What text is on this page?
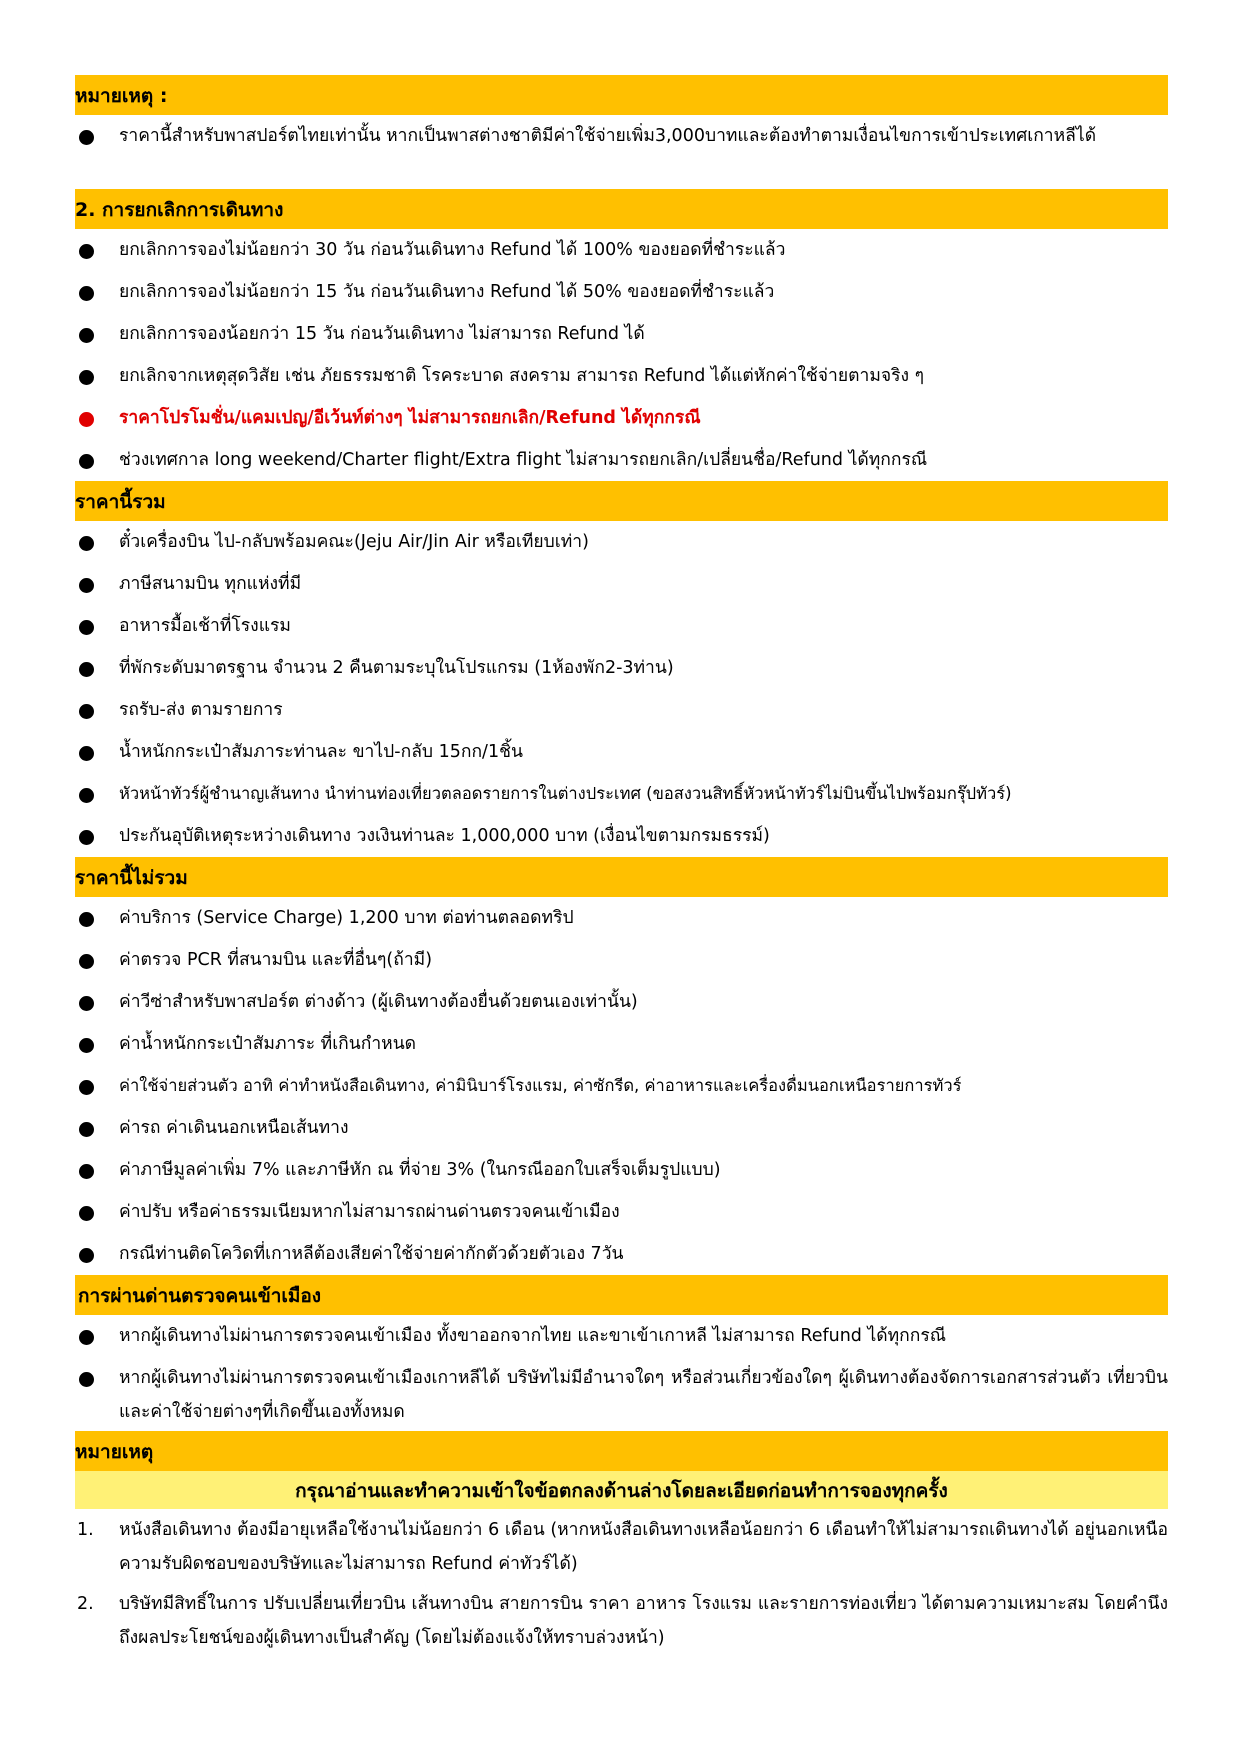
หมายเหตุ :
ราคานี้สำหรับพาสปอร์ตไทยเท่านั้น หากเป็นพาสต่างชาติมีค่าใช้จ่ายเพิ่ม3,000บาทและต้องทำตามเงื่อนไขการเข้าประเทศเกาหลีได้
2. การยกเลิกการเดินทาง
ยกเลิกการจองไม่น้อยกว่า 30 วัน ก่อนวันเดินทาง Refund ได้ 100% ของยอดที่ชำระแล้ว
ยกเลิกการจองไม่น้อยกว่า 15 วัน ก่อนวันเดินทาง Refund ได้ 50% ของยอดที่ชำระแล้ว
ยกเลิกการจองน้อยกว่า 15 วัน ก่อนวันเดินทาง ไม่สามารถ Refund ได้
ยกเลิกจากเหตุสุดวิสัย เช่น ภัยธรรมชาติ โรคระบาด สงคราม สามารถ Refund ได้แต่หักค่าใช้จ่ายตามจริง ๆ
ราคาโปรโมชั่น/แคมเปญ/อีเว้นท์ต่างๆ ไม่สามารถยกเลิก/Refund ได้ทุกกรณี
ช่วงเทศกาล long weekend/Charter flight/Extra flight ไม่สามารถยกเลิก/เปลี่ยนชื่อ/Refund ได้ทุกกรณี
ราคานี้รวม
ตั๋วเครื่องบิน ไป-กลับพร้อมคณะ(Jeju Air/Jin Air หรือเทียบเท่า)
ภาษีสนามบิน ทุกแห่งที่มี
อาหารมื้อเช้าที่โรงแรม
ที่พักระดับมาตรฐาน จำนวน 2 คืนตามระบุในโปรแกรม (1ห้องพัก2-3ท่าน)
รถรับ-ส่ง ตามรายการ
น้ำหนักกระเป๋าสัมภาระท่านละ ขาไป-กลับ 15กก/1ชิ้น
หัวหน้าทัวร์ผู้ชำนาญเส้นทาง นำท่านท่องเที่ยวตลอดรายการในต่างประเทศ (ขอสงวนสิทธิ์หัวหน้าทัวร์ไม่บินขึ้นไปพร้อมกรุ๊ปทัวร์)
ประกันอุบัติเหตุระหว่างเดินทาง วงเงินท่านละ 1,000,000 บาท (เงื่อนไขตามกรมธรรม์)
ราคานี้ไม่รวม
ค่าบริการ (Service Charge) 1,200 บาท ต่อท่านตลอดทริป
ค่าตรวจ PCR ที่สนามบิน และที่อื่นๆ(ถ้ามี)
ค่าวีซ่าสำหรับพาสปอร์ต ต่างด้าว (ผู้เดินทางต้องยื่นด้วยตนเองเท่านั้น)
ค่าน้ำหนักกระเป๋าสัมภาระ ที่เกินกำหนด
ค่าใช้จ่ายส่วนตัว อาทิ ค่าทำหนังสือเดินทาง, ค่ามินิบาร์โรงแรม, ค่าซักรีด, ค่าอาหารและเครื่องดื่มนอกเหนือรายการทัวร์
ค่ารถ ค่าเดินนอกเหนือเส้นทาง
ค่าภาษีมูลค่าเพิ่ม 7% และภาษีหัก ณ ที่จ่าย 3% (ในกรณีออกใบเสร็จเต็มรูปแบบ)
ค่าปรับ หรือค่าธรรมเนียมหากไม่สามารถผ่านด่านตรวจคนเข้าเมือง
กรณีท่านติดโควิดที่เกาหลีต้องเสียค่าใช้จ่ายค่ากักตัวด้วยตัวเอง 7วัน
การผ่านด่านตรวจคนเข้าเมือง
หากผู้เดินทางไม่ผ่านการตรวจคนเข้าเมือง ทั้งขาออกจากไทย และขาเข้าเกาหลี ไม่สามารถ Refund ได้ทุกกรณี
หากผู้เดินทางไม่ผ่านการตรวจคนเข้าเมืองเกาหลีได้ บริษัทไม่มีอำนาจใดๆ หรือส่วนเกี่ยวข้องใดๆ ผู้เดินทางต้องจัดการเอกสารส่วนตัว เที่ยวบิน และค่าใช้จ่ายต่างๆที่เกิดขึ้นเองทั้งหมด
หมายเหตุ
กรุณาอ่านและทำความเข้าใจข้อตกลงด้านล่างโดยละเอียดก่อนทำการจองทุกครั้ง
1. หนังสือเดินทาง ต้องมีอายุเหลือใช้งานไม่น้อยกว่า 6 เดือน (หากหนังสือเดินทางเหลือน้อยกว่า 6 เดือนทำให้ไม่สามารถเดินทางได้ อยู่นอกเหนือความรับผิดชอบของบริษัทและไม่สามารถ Refund ค่าทัวร์ได้)
2. บริษัทมีสิทธิ์ในการ ปรับเปลี่ยนเที่ยวบิน เส้นทางบิน สายการบิน ราคา อาหาร โรงแรม และรายการท่องเที่ยว ได้ตามความเหมาะสม โดยคำนึงถึงผลประโยชน์ของผู้เดินทางเป็นสำคัญ (โดยไม่ต้องแจ้งให้ทราบล่วงหน้า)
